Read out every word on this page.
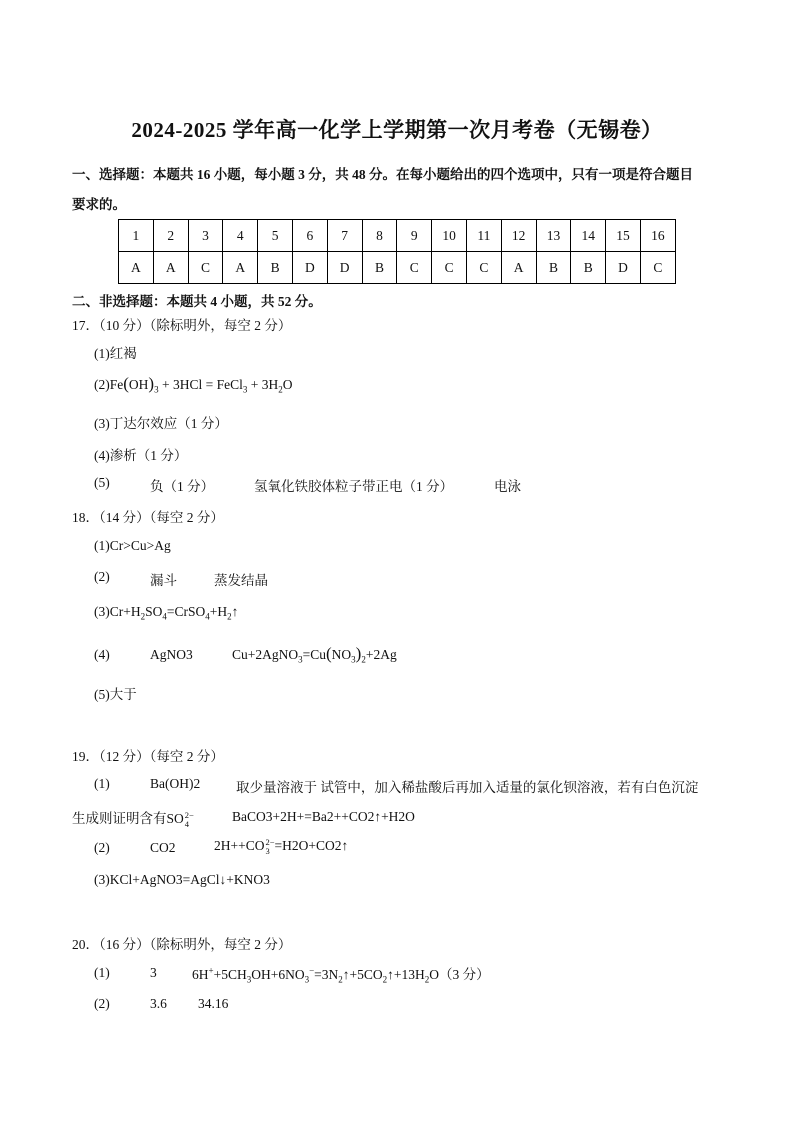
2024-2025 学年高一化学上学期第一次月考卷（无锡卷）
一、选择题：本题共 16 小题，每小题 3 分，共 48 分。在每小题给出的四个选项中，只有一项是符合题目
要求的。
1	2	3	4	5	6	7	8	9	10	11	12	13	14	15	16
A	A	C	A	B	D	D	B	C	C	C	A	B	B	D	C
二、非选择题：本题共 4 小题，共 52 分。
17．（10 分）（除标明外，每空 2 分）
(1)红褐
$(2)Fe(OH)_3 + 3HCl$ = FeCl$_3$ + $3H_2O$
(3)丁达尔效应（1 分）
(4)渗析（1 分）
(5)	负（1 分）	氢氧化铁胶体粒子带正电（1 分）	电泳
18．（14 分）（每空 2 分）
(1)Cr>Cu>Ag
(2)	漏斗	蒸发结晶
$(3)Cr+H_2SO_4=CrSO_4+H_2↑$
(4)	AgNO3	$Cu+2AgNO_3=Cu(NO_3)_2+2Ag$
(5)大于
19．（12 分）（每空 2 分）
(1)	Ba(OH)2	取少量溶液于 试管中，加入稀盐酸后再加入适量的氯化钡溶液，若有白色沉淀
生成则证明含有SO 2−
4	BaCO3+2H+=Ba2++CO2↑+H2O
(2)	CO2	2H++CO 2−
3 =H2O+CO2↑
(3)KCl+AgNO3=AgCl↓+KNO3
20．（16 分）（除标明外，每空 2 分）
(1)	3	$6H^++5CH_3OH+6NO_3^-=3N_2↑+5CO_2↑+13H_2O(3$ 分）
(2)	3.6 34.16
